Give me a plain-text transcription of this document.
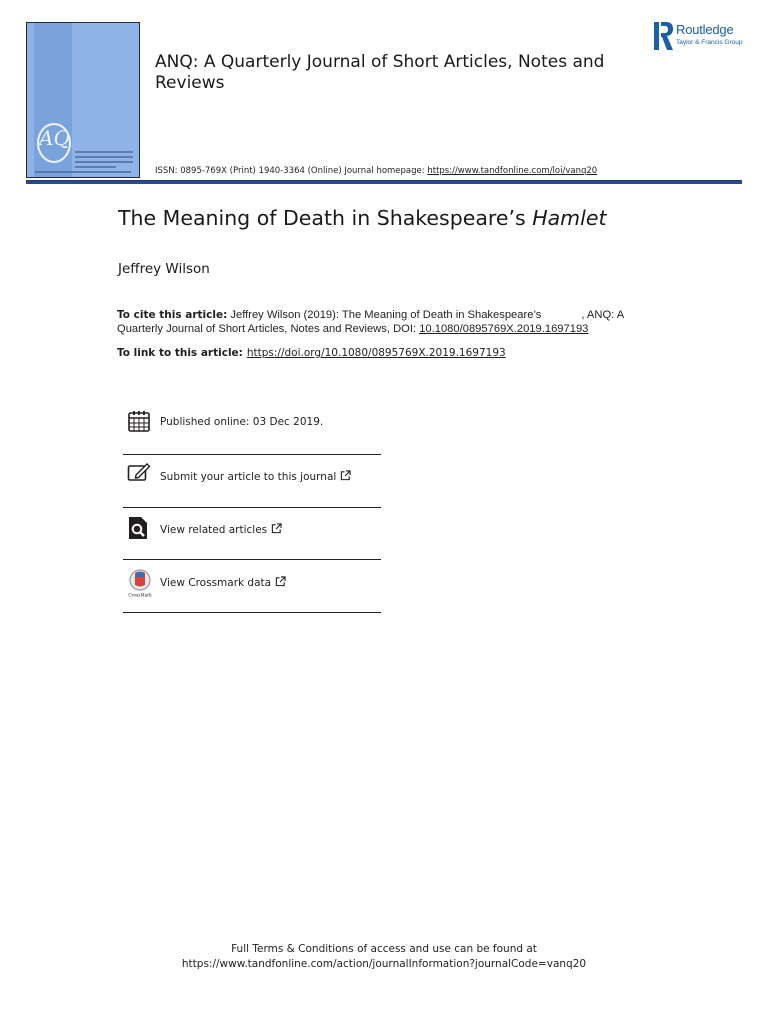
AQ
ANQ: A Quarterly Journal of Short Articles, Notes and Reviews
Routledge
Taylor & Francis Group
ISSN: 0895-769X (Print) 1940-3364 (Online) Journal homepage: https://www.tandfonline.com/loi/vanq20
The Meaning of Death in Shakespeare’s Hamlet
Jeffrey Wilson
To cite this article: Jeffrey Wilson (2019): The Meaning of Death in Shakespeare’s	, ANQ: A Quarterly Journal of Short Articles, Notes and Reviews, DOI: 10.1080/0895769X.2019.1697193
To link to this article: https://doi.org/10.1080/0895769X.2019.1697193
Published online: 03 Dec 2019.
Submit your article to this journal
View related articles
CrossMark
View Crossmark data
Full Terms & Conditions of access and use can be found at
https://www.tandfonline.com/action/journalInformation?journalCode=vanq20
